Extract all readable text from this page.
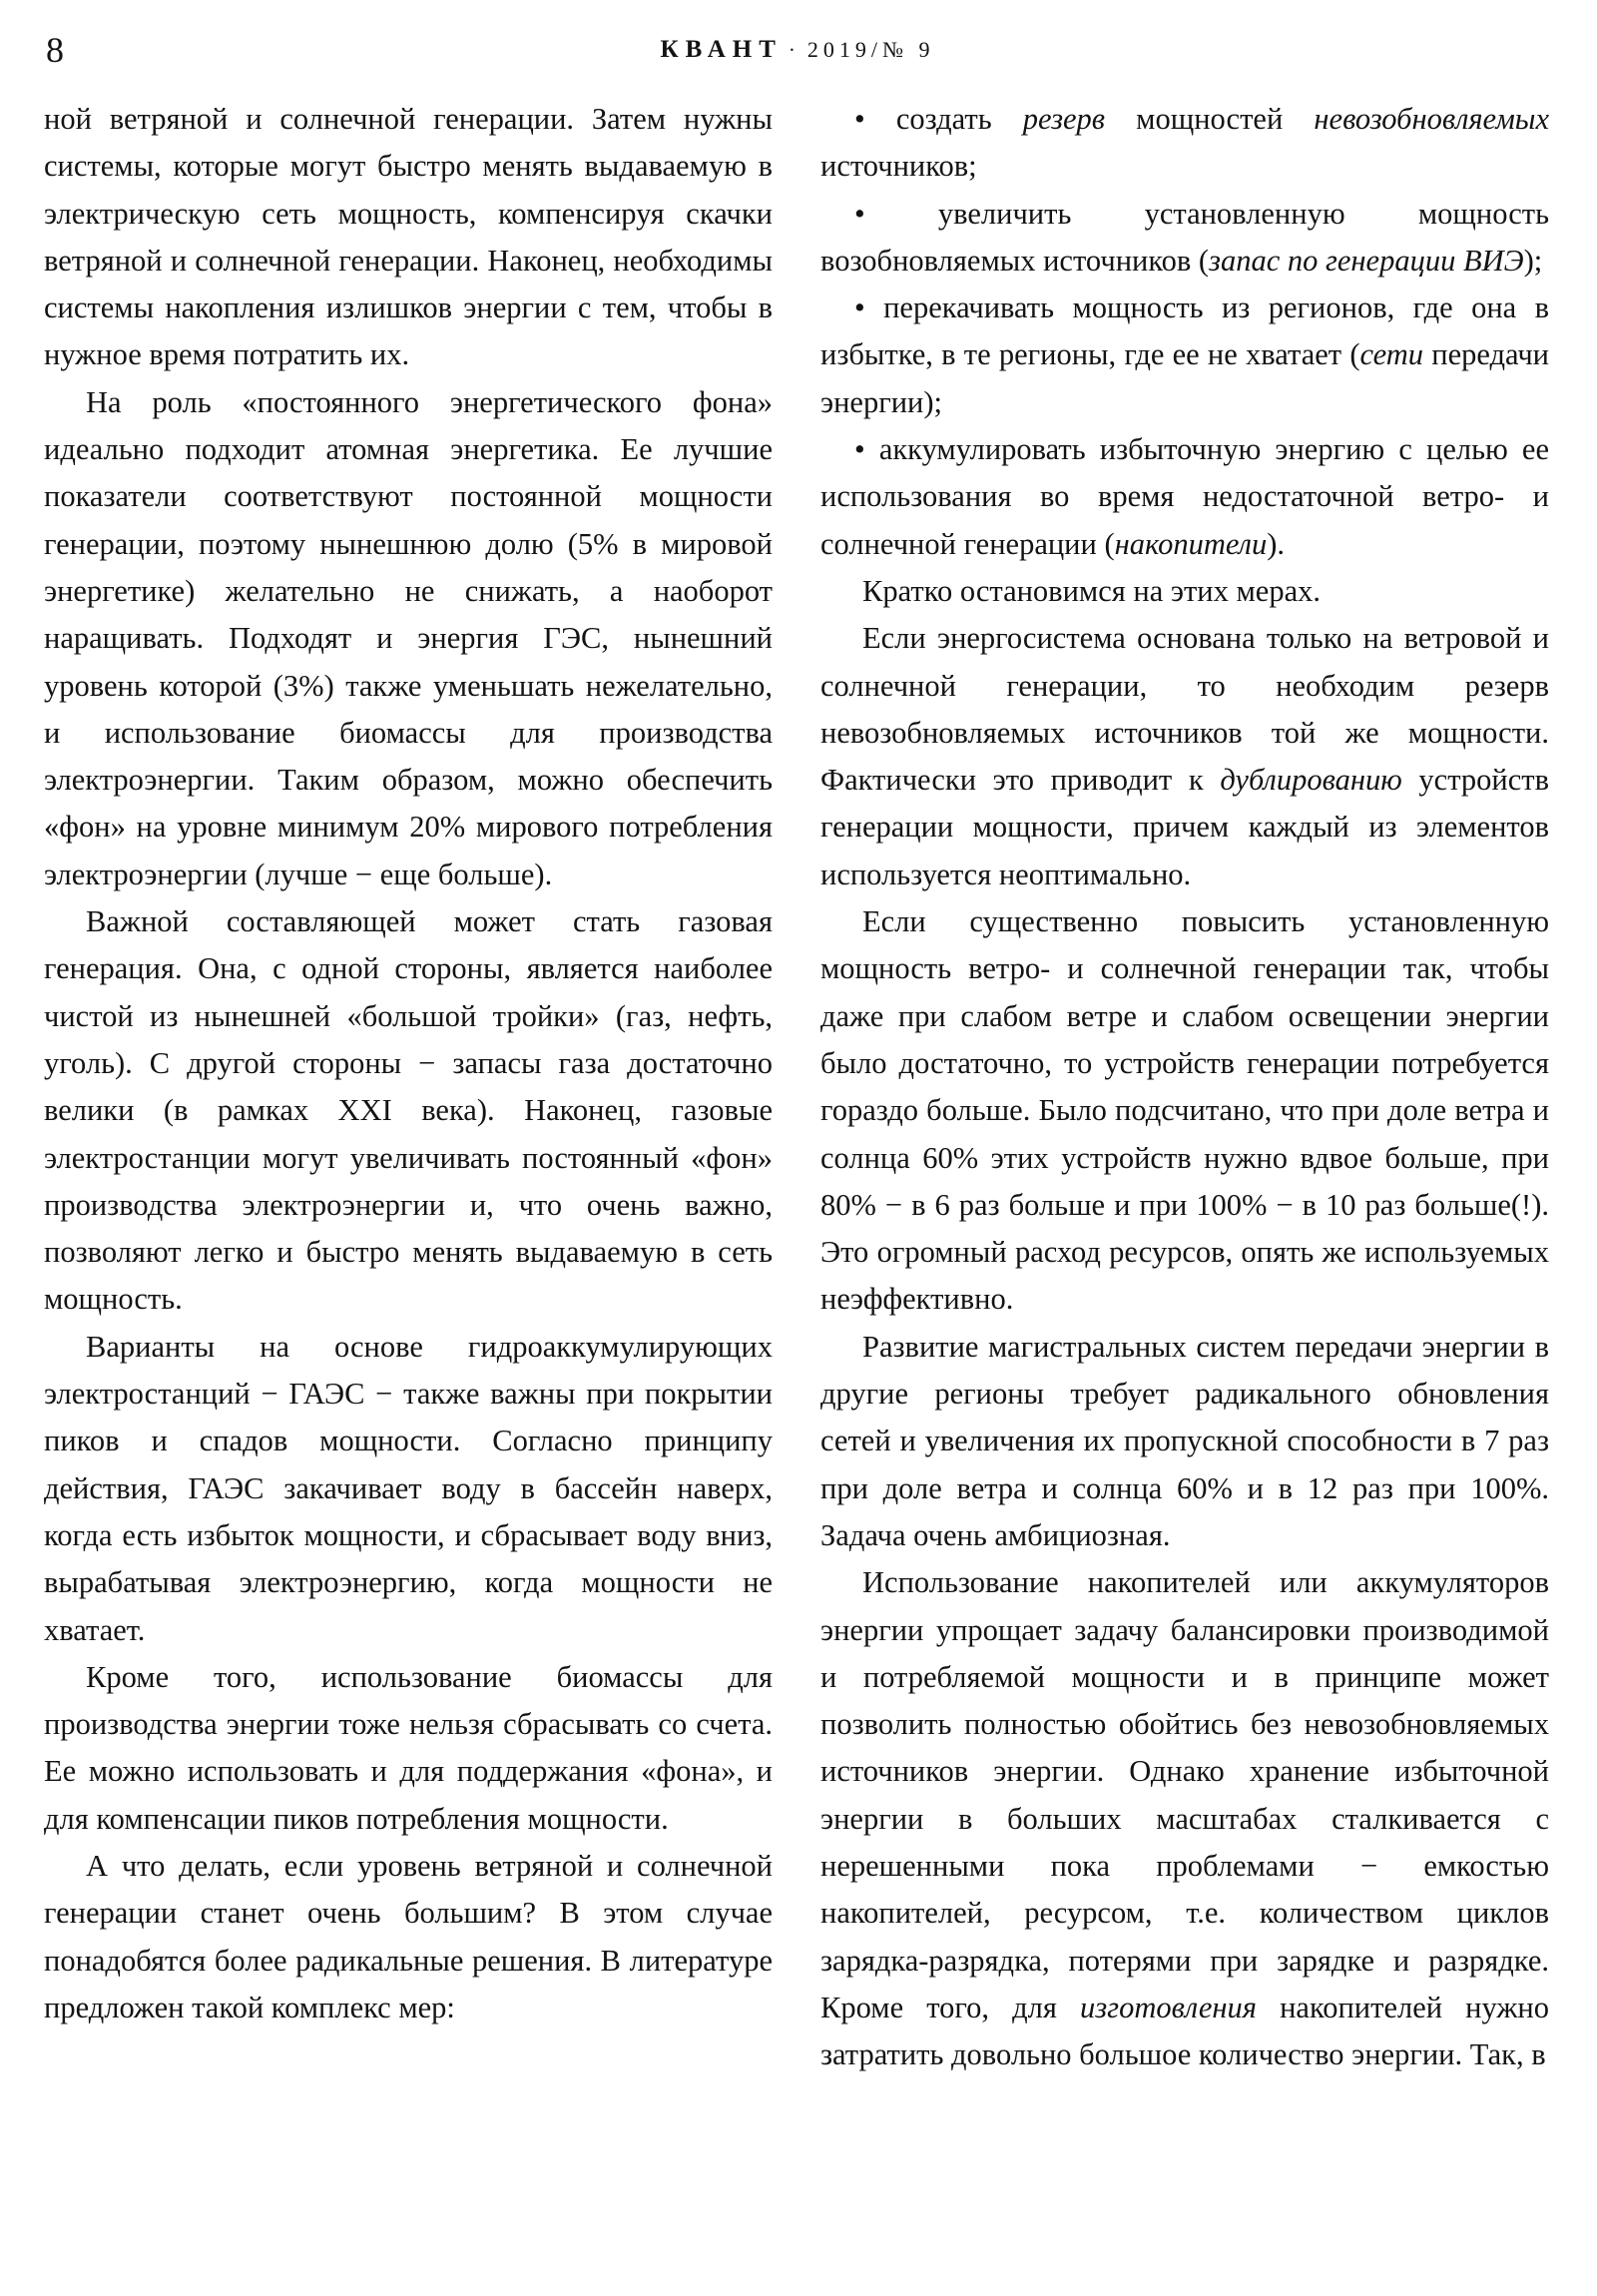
8	КВАНТ · 2019/№ 9

ной ветряной и солнечной генерации. Затем нужны системы, которые могут быстро менять выдаваемую в электрическую сеть мощность, компенсируя скачки ветряной и солнечной генерации. Наконец, необходимы системы накопления излишков энергии с тем, чтобы в нужное время потратить их.

На роль «постоянного энергетического фона» идеально подходит атомная энергетика. Ее лучшие показатели соответствуют постоянной мощности генерации, поэтому нынешнюю долю (5% в мировой энергетике) желательно не снижать, а наоборот наращивать. Подходят и энергия ГЭС, нынешний уровень которой (3%) также уменьшать нежелательно, и использование биомассы для производства электроэнергии. Таким образом, можно обеспечить «фон» на уровне минимум 20% мирового потребления электроэнергии (лучше − еще больше).

Важной составляющей может стать газовая генерация. Она, с одной стороны, является наиболее чистой из нынешней «большой тройки» (газ, нефть, уголь). С другой стороны − запасы газа достаточно велики (в рамках XXI века). Наконец, газовые электростанции могут увеличивать постоянный «фон» производства электроэнергии и, что очень важно, позволяют легко и быстро менять выдаваемую в сеть мощность.

Варианты на основе гидроаккумулирующих электростанций − ГАЭС − также важны при покрытии пиков и спадов мощности. Согласно принципу действия, ГАЭС закачивает воду в бассейн наверх, когда есть избыток мощности, и сбрасывает воду вниз, вырабатывая электроэнергию, когда мощности не хватает.

Кроме того, использование биомассы для производства энергии тоже нельзя сбрасывать со счета. Ее можно использовать и для поддержания «фона», и для компенсации пиков потребления мощности.

А что делать, если уровень ветряной и солнечной генерации станет очень большим? В этом случае понадобятся более радикальные решения. В литературе предложен такой комплекс мер:

• создать резерв мощностей невозобновляемых источников;

• увеличить установленную мощность возобновляемых источников (запас по генерации ВИЭ);

• перекачивать мощность из регионов, где она в избытке, в те регионы, где ее не хватает (сети передачи энергии);

• аккумулировать избыточную энергию с целью ее использования во время недостаточной ветро- и солнечной генерации (накопители).

Кратко остановимся на этих мерах.

Если энергосистема основана только на ветровой и солнечной генерации, то необходим резерв невозобновляемых источников той же мощности. Фактически это приводит к дублированию устройств генерации мощности, причем каждый из элементов используется неоптимально.

Если существенно повысить установленную мощность ветро- и солнечной генерации так, чтобы даже при слабом ветре и слабом освещении энергии было достаточно, то устройств генерации потребуется гораздо больше. Было подсчитано, что при доле ветра и солнца 60% этих устройств нужно вдвое больше, при 80% − в 6 раз больше и при 100% − в 10 раз больше(!). Это огромный расход ресурсов, опять же используемых неэффективно.

Развитие магистральных систем передачи энергии в другие регионы требует радикального обновления сетей и увеличения их пропускной способности в 7 раз при доле ветра и солнца 60% и в 12 раз при 100%. Задача очень амбициозная.

Использование накопителей или аккумуляторов энергии упрощает задачу балансировки производимой и потребляемой мощности и в принципе может позволить полностью обойтись без невозобновляемых источников энергии. Однако хранение избыточной энергии в больших масштабах сталкивается с нерешенными пока проблемами − емкостью накопителей, ресурсом, т.е. количеством циклов зарядка-разрядка, потерями при зарядке и разрядке. Кроме того, для изготовления накопителей нужно затратить довольно большое количество энергии. Так, в
